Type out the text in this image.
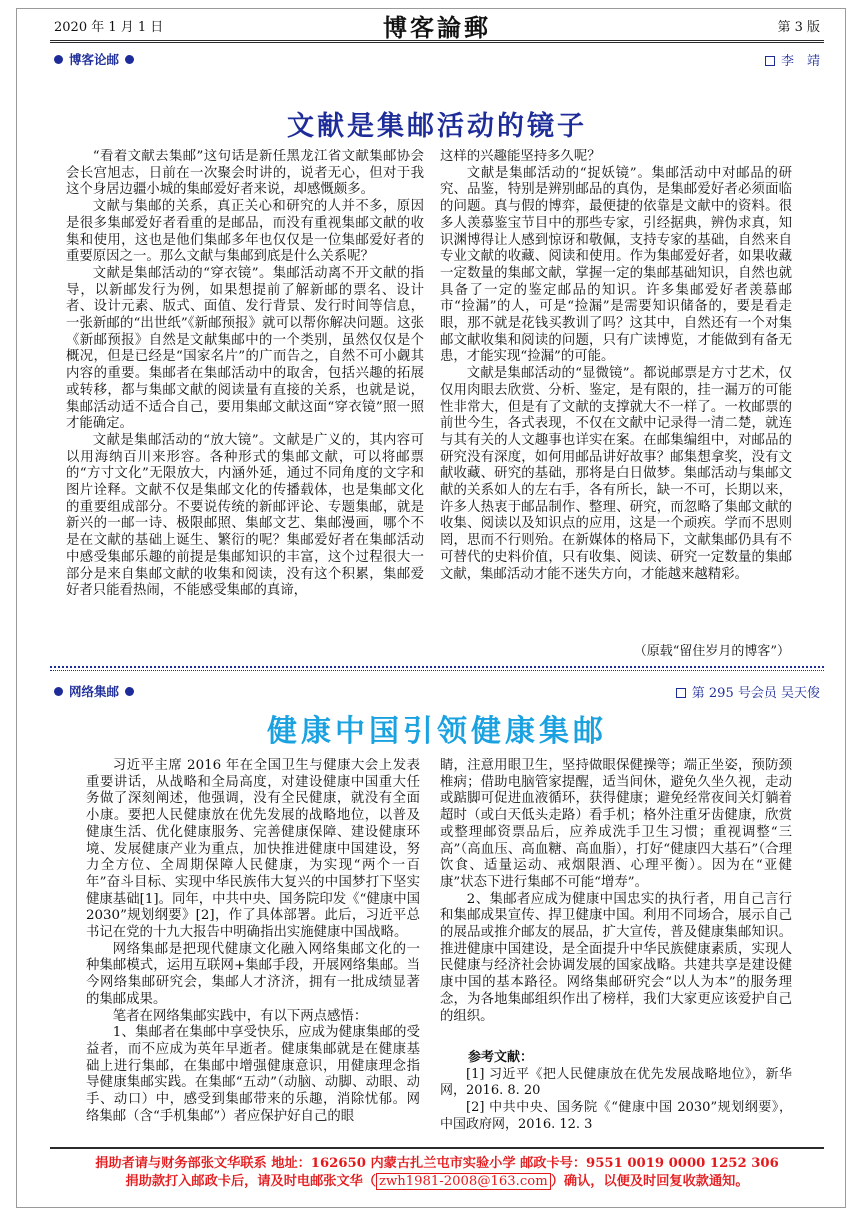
2020 年 1 月 1 日	博客論郵	第 3 版
博客论邮	李　靖
文献是集邮活动的镜子

“看着文献去集邮”这句话是新任黑龙江省文献集邮协会会长宫旭志，日前在一次聚会时讲的，说者无心，但对于我这个身居边疆小城的集邮爱好者来说，却感慨颇多。

文献与集邮的关系，真正关心和研究的人并不多，原因是很多集邮爱好者看重的是邮品，而没有重视集邮文献的收集和使用，这也是他们集邮多年也仅仅是一位集邮爱好者的重要原因之一。那么文献与集邮到底是什么关系呢？

文献是集邮活动的“穿衣镜”。集邮活动离不开文献的指导，以新邮发行为例，如果想提前了解新邮的票名、设计者、设计元素、版式、面值、发行背景、发行时间等信息，一张新邮的“出世纸”《新邮预报》就可以帮你解决问题。这张《新邮预报》自然是文献集邮中的一个类别，虽然仅仅是个概况，但是已经是“国家名片”的广而告之，自然不可小觑其内容的重要。集邮者在集邮活动中的取舍，包括兴趣的拓展或转移，都与集邮文献的阅读量有直接的关系，也就是说，集邮活动适不适合自己，要用集邮文献这面“穿衣镜”照一照才能确定。

文献是集邮活动的“放大镜”。文献是广义的，其内容可以用海纳百川来形容。各种形式的集邮文献，可以将邮票的“方寸文化”无限放大，内涵外延，通过不同角度的文字和图片诠释。文献不仅是集邮文化的传播载体，也是集邮文化的重要组成部分。不要说传统的新邮评论、专题集邮，就是新兴的一邮一诗、极限邮照、集邮文艺、集邮漫画，哪个不是在文献的基础上诞生、繁衍的呢？集邮爱好者在集邮活动中感受集邮乐趣的前提是集邮知识的丰富，这个过程很大一部分是来自集邮文献的收集和阅读，没有这个积累，集邮爱好者只能看热闹，不能感受集邮的真谛，

这样的兴趣能坚持多久呢？

文献是集邮活动的“捉妖镜”。集邮活动中对邮品的研究、品鉴，特别是辨别邮品的真伪，是集邮爱好者必须面临的问题。真与假的博弈，最便捷的依靠是文献中的资料。很多人羡慕鉴宝节目中的那些专家，引经据典，辨伪求真，知识渊博得让人感到惊讶和敬佩，支持专家的基础，自然来自专业文献的收藏、阅读和使用。作为集邮爱好者，如果收藏一定数量的集邮文献，掌握一定的集邮基础知识，自然也就具备了一定的鉴定邮品的知识。许多集邮爱好者羡慕邮市“捡漏”的人，可是“捡漏”是需要知识储备的，要是看走眼，那不就是花钱买教训了吗？这其中，自然还有一个对集邮文献收集和阅读的问题，只有广读博览，才能做到有备无患，才能实现“捡漏”的可能。

文献是集邮活动的“显微镜”。都说邮票是方寸艺术，仅仅用肉眼去欣赏、分析、鉴定，是有限的，挂一漏万的可能性非常大，但是有了文献的支撑就大不一样了。一枚邮票的前世今生，各式表现，不仅在文献中记录得一清二楚，就连与其有关的人文趣事也详实在案。在邮集编组中，对邮品的研究没有深度，如何用邮品讲好故事？邮集想拿奖，没有文献收藏、研究的基础，那将是白日做梦。集邮活动与集邮文献的关系如人的左右手，各有所长，缺一不可，长期以来，许多人热衷于邮品制作、整理、研究，而忽略了集邮文献的收集、阅读以及知识点的应用，这是一个顽疾。学而不思则罔，思而不行则殆。在新媒体的格局下，文献集邮仍具有不可替代的史料价值，只有收集、阅读、研究一定数量的集邮文献，集邮活动才能不迷失方向，才能越来越精彩。

（原载“留住岁月的博客”）
网络集邮	第 295 号会员 吴天俊
健康中国引领健康集邮

习近平主席 2016 年在全国卫生与健康大会上发表重要讲话，从战略和全局高度，对建设健康中国重大任务做了深刻阐述，他强调，没有全民健康，就没有全面小康。要把人民健康放在优先发展的战略地位，以普及健康生活、优化健康服务、完善健康保障、建设健康环境、发展健康产业为重点，加快推进健康中国建设，努力全方位、全周期保障人民健康，为实现“两个一百年”奋斗目标、实现中华民族伟大复兴的中国梦打下坚实健康基础[1]。同年，中共中央、国务院印发《“健康中国 2030”规划纲要》[2]，作了具体部署。此后，习近平总书记在党的十九大报告中明确指出实施健康中国战略。

网络集邮是把现代健康文化融入网络集邮文化的一种集邮模式，运用互联网+集邮手段，开展网络集邮。当今网络集邮研究会，集邮人才济济，拥有一批成绩显著的集邮成果。

笔者在网络集邮实践中，有以下两点感悟：

1、集邮者在集邮中享受快乐，应成为健康集邮的受益者，而不应成为英年早逝者。健康集邮就是在健康基础上进行集邮，在集邮中增强健康意识，用健康理念指导健康集邮实践。在集邮“五动”（动脑、动脚、动眼、动手、动口）中，感受到集邮带来的乐趣，消除忧郁。网络集邮（含“手机集邮”）者应保护好自己的眼

睛，注意用眼卫生，坚持做眼保健操等；端正坐姿，预防颈椎病；借助电脑管家提醒，适当间休，避免久坐久视，走动或踮脚可促进血液循环，获得健康；避免经常夜间关灯躺着超时（或白天低头走路）看手机；格外注重牙齿健康，欣赏或整理邮资票品后，应养成洗手卫生习惯；重视调整“三高”（高血压、高血糖、高血脂），打好“健康四大基石”（合理饮食、适量运动、戒烟限酒、心理平衡）。因为在“亚健康”状态下进行集邮不可能“增寿”。

2、集邮者应成为健康中国忠实的执行者，用自己言行和集邮成果宣传、捍卫健康中国。利用不同场合，展示自己的展品或推介邮友的展品，扩大宣传，普及健康集邮知识。推进健康中国建设，是全面提升中华民族健康素质，实现人民健康与经济社会协调发展的国家战略。共建共享是建设健康中国的基本路径。网络集邮研究会“以人为本”的服务理念，为各地集邮组织作出了榜样，我们大家更应该爱护自己的组织。

参考文献：

[1] 习近平《把人民健康放在优先发展战略地位》，新华网，2016. 8. 20

[2] 中共中央、国务院《“健康中国 2030”规划纲要》，中国政府网，2016. 12. 3

捐助者请与财务部张文华联系 地址：162650 内蒙古扎兰屯市实验小学 邮政卡号：9551 0019 0000 1252 306
捐助款打入邮政卡后，请及时电邮张文华（ zwh1981-2008@163.com ）确认，以便及时回复收款通知。
